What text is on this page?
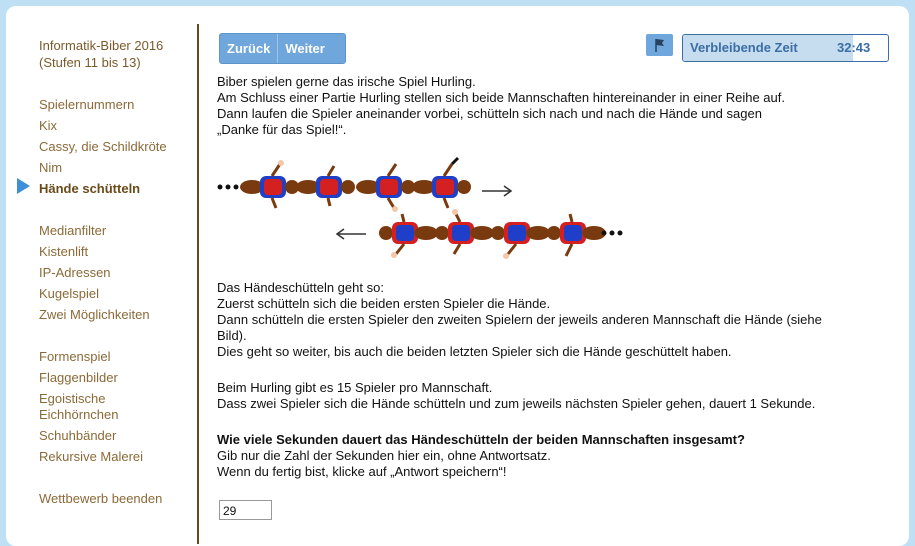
Informatik-Biber 2016
(Stufen 11 bis 13)
Spielernummern
Kix
Cassy, die Schildkröte
Nim
Hände schütteln
Medianfilter
Kistenlift
IP-Adressen
Kugelspiel
Zwei Möglichkeiten
Formenspiel
Flaggenbilder
Egoistische Eichhörnchen
Schuhbänder
Rekursive Malerei
Wettbewerb beenden
Zurück	Weiter	Verbleibende Zeit	32:43
Biber spielen gerne das irische Spiel Hurling.
Am Schluss einer Partie Hurling stellen sich beide Mannschaften hintereinander in einer Reihe auf.
Dann laufen die Spieler aneinander vorbei, schütteln sich nach und nach die Hände und sagen
„Danke für das Spiel!“.
Das Händeschütteln geht so:
Zuerst schütteln sich die beiden ersten Spieler die Hände.
Dann schütteln die ersten Spieler den zweiten Spielern der jeweils anderen Mannschaft die Hände (siehe
Bild).
Dies geht so weiter, bis auch die beiden letzten Spieler sich die Hände geschüttelt haben.
Beim Hurling gibt es 15 Spieler pro Mannschaft.
Dass zwei Spieler sich die Hände schütteln und zum jeweils nächsten Spieler gehen, dauert 1 Sekunde.
Wie viele Sekunden dauert das Händeschütteln der beiden Mannschaften insgesamt?
Gib nur die Zahl der Sekunden hier ein, ohne Antwortsatz.
Wenn du fertig bist, klicke auf „Antwort speichern“!
29
